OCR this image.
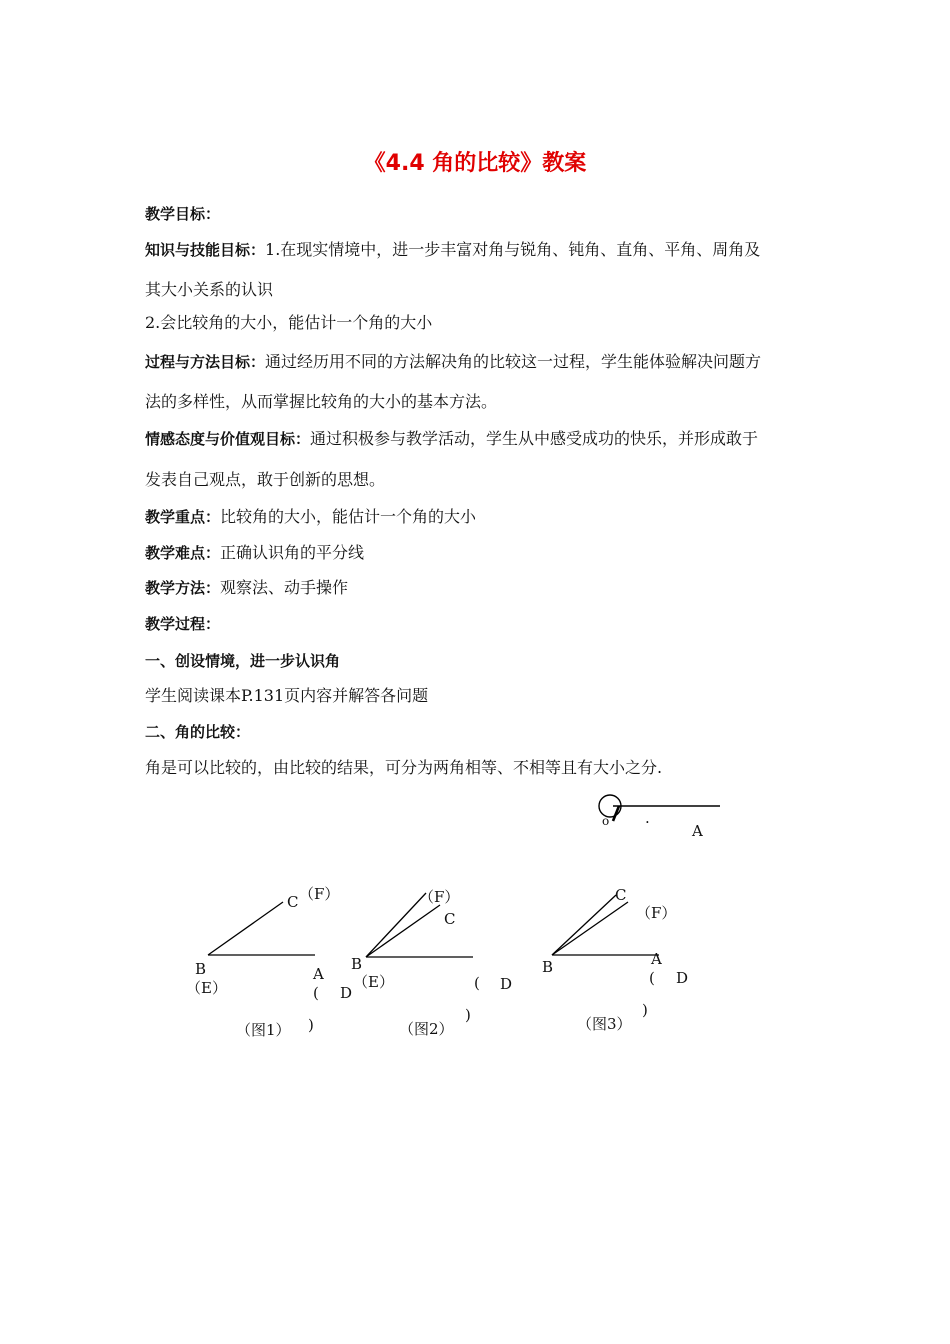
《4.4 角的比较》教案
教学目标：
知识与技能目标：1.在现实情境中，进一步丰富对角与锐角、钝角、直角、平角、周角及
其大小关系的认识
2.会比较角的大小，能估计一个角的大小
过程与方法目标：通过经历用不同的方法解决角的比较这一过程，学生能体验解决问题方
法的多样性，从而掌握比较角的大小的基本方法。
情感态度与价值观目标：通过积极参与教学活动，学生从中感受成功的快乐，并形成敢于
发表自己观点，敢于创新的思想。
教学重点：比较角的大小，能估计一个角的大小
教学难点：正确认识角的平分线
教学方法：观察法、动手操作
教学过程：
一、创设情境，进一步认识角
学生阅读课本P.131页内容并解答各问题
二、角的比较：
角是可以比较的，由比较的结果，可分为两角相等、不相等且有大小之分.
o .
A
C （F）
B
（E）
A
( D
)
（图1）
（F）
C
B
（E）	( D
)
（图2）
C
（F）
B	A
( D
)
（图3）
